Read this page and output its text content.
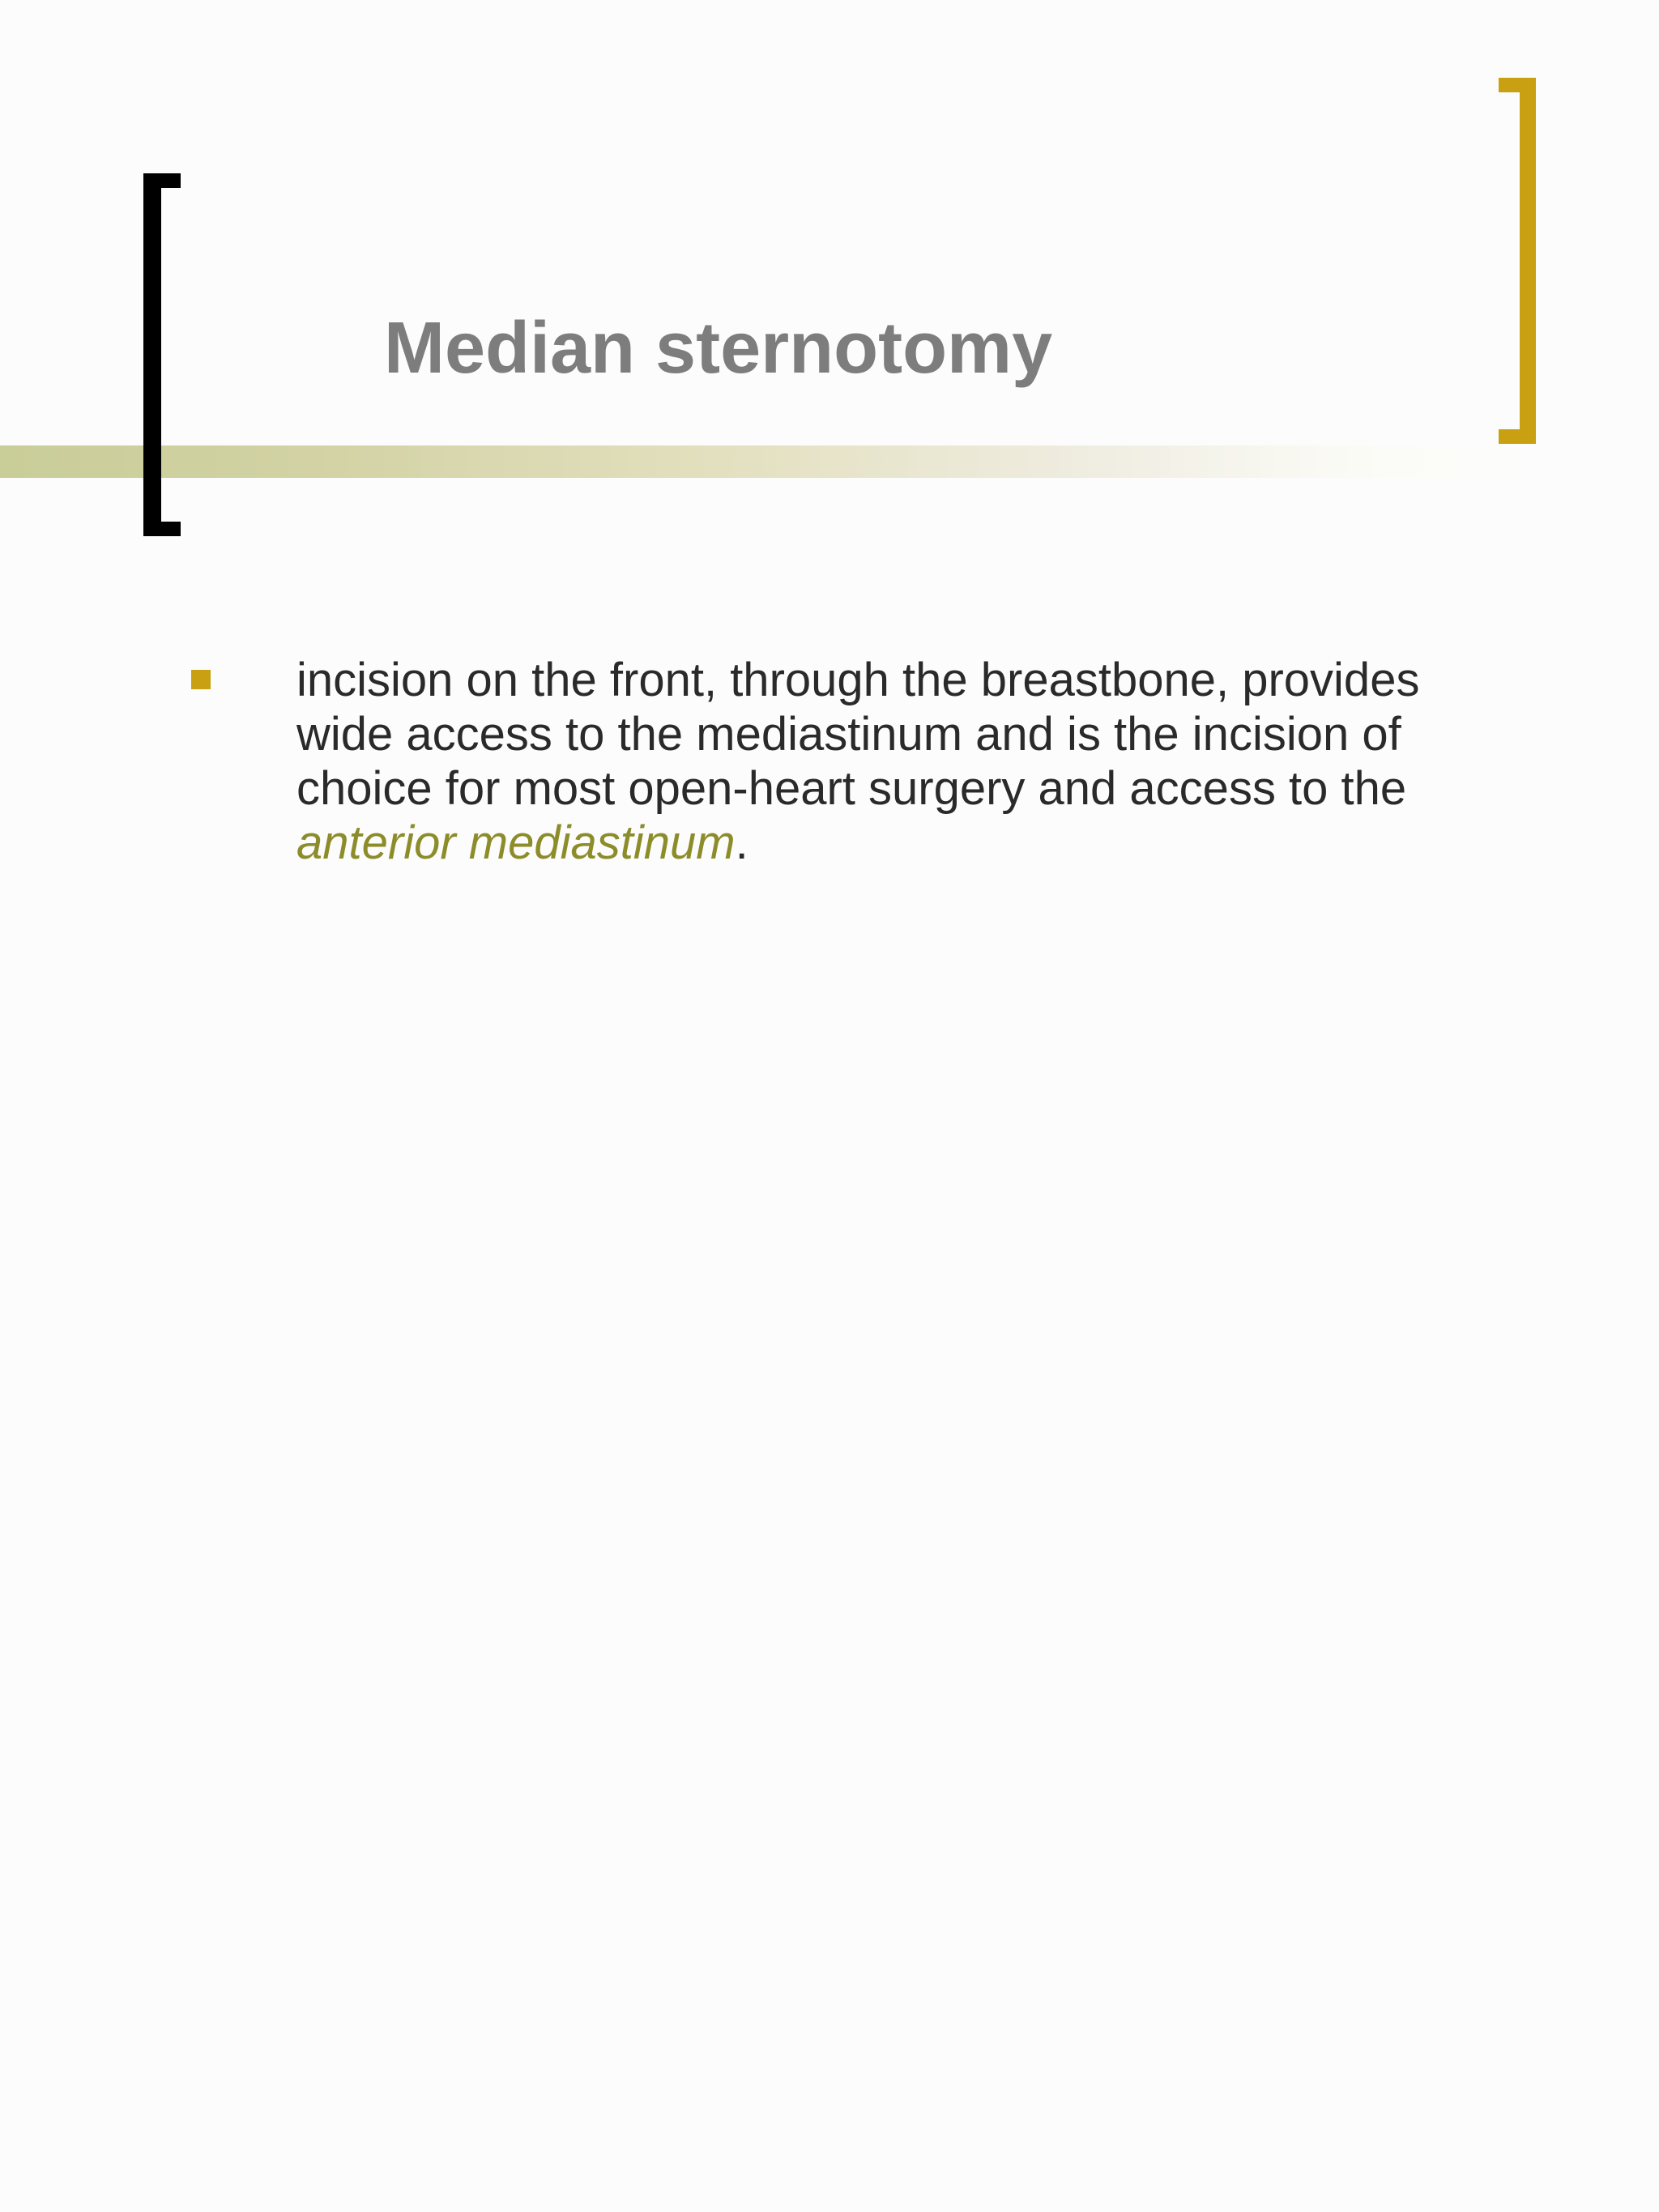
Median sternotomy

incision on the front, through the breastbone, provides wide access to the mediastinum and is the incision of choice for most open-heart surgery and access to the anterior mediastinum.
